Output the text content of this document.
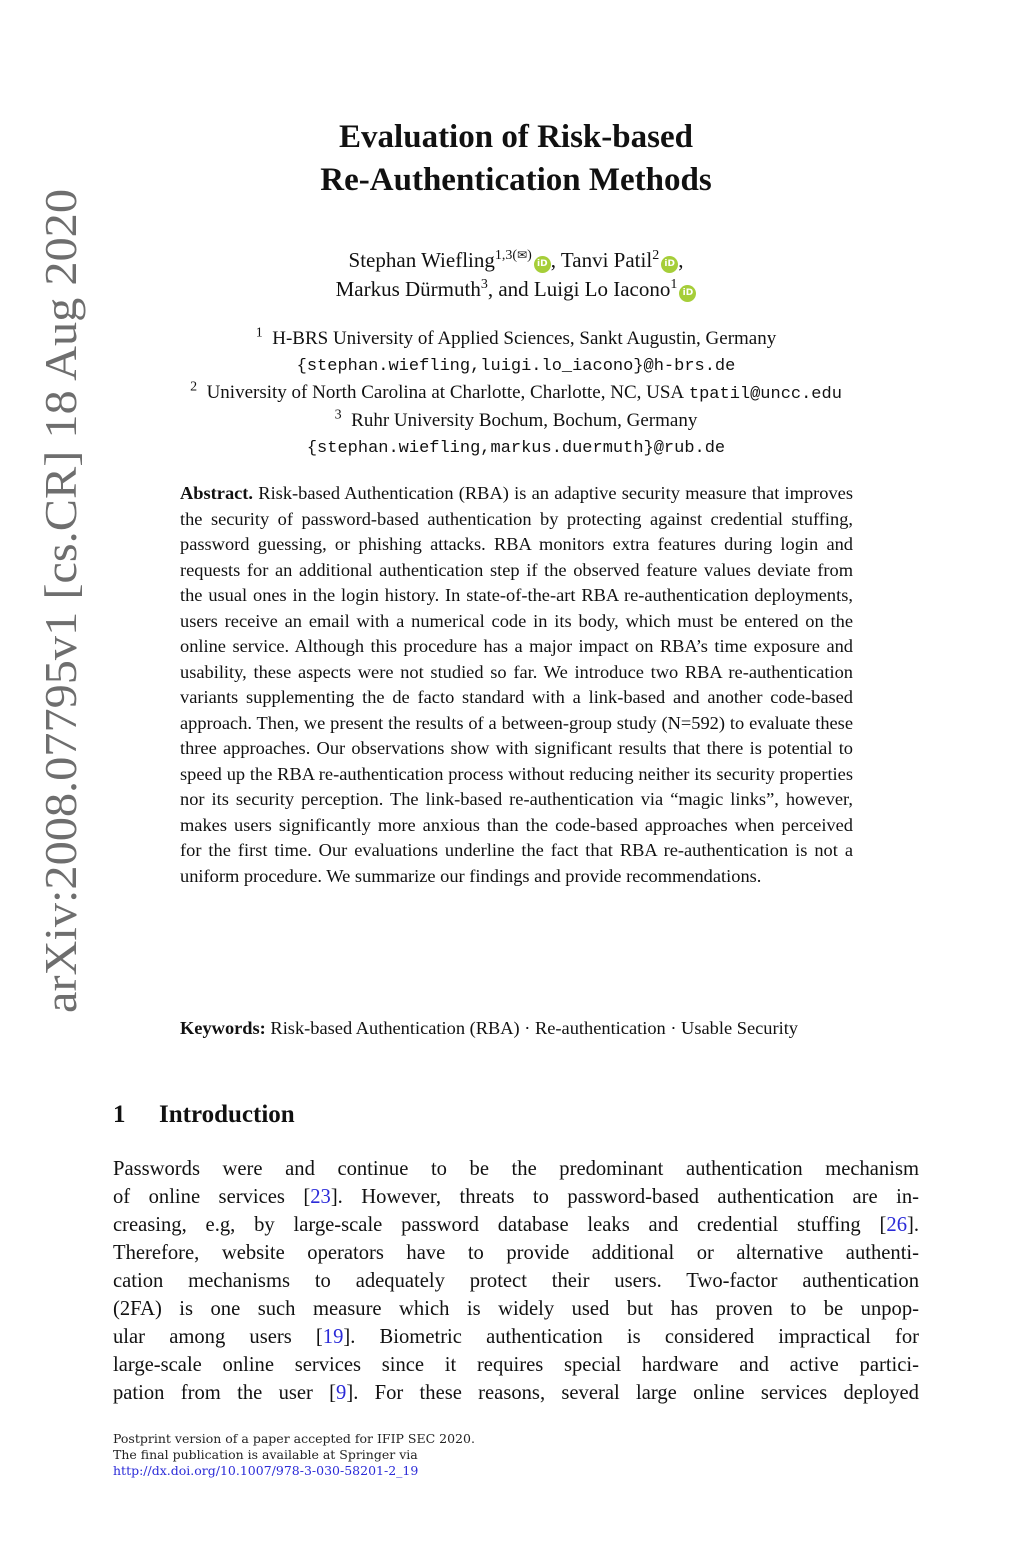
arXiv:2008.07795v1 [cs.CR] 18 Aug 2020
Evaluation of Risk-based
Re-Authentication Methods
Stephan Wiefling$^{1,3(✉)}$iD , Tanvi Patil$^2$iD ,
Markus Dürmuth$^3$, and Luigi Lo Iacono$^1$iD
$^1$ H-BRS University of Applied Sciences, Sankt Augustin, Germany
{stephan.wiefling,luigi.lo_iacono}@h-brs.de
$^2$ University of North Carolina at Charlotte, Charlotte, NC, USA tpatil@uncc.edu
$^3$ Ruhr University Bochum, Bochum, Germany
{stephan.wiefling,markus.duermuth}@rub.de
Abstract. Risk-based Authentication (RBA) is an adaptive security measure that improves the security of password-based authentication by protecting against credential stuffing, password guessing, or phishing attacks. RBA monitors extra features during login and requests for an additional authentication step if the observed feature values deviate from the usual ones in the login history. In state-of-the-art RBA re-authentication deployments, users receive an email with a numerical code in its body, which must be entered on the online service. Although this procedure has a major impact on RBA’s time exposure and usability, these aspects were not studied so far. We introduce two RBA re-authentication variants supplementing the de facto standard with a link-based and another code-based approach. Then, we present the results of a between-group study (N=592) to evaluate these three approaches. Our observations show with significant results that there is potential to speed up the RBA re-authentication process without reducing neither its security properties nor its security perception. The link-based re-authentication via “magic links”, however, makes users significantly more anxious than the code-based approaches when perceived for the first time. Our evaluations underline the fact that RBA re-authentication is not a uniform procedure. We summarize our findings and provide recommendations.
Keywords: Risk-based Authentication (RBA) · Re-authentication · Usable Security
1 Introduction
Passwords were and continue to be the predominant authentication mechanism
of online services [23]. However, threats to password-based authentication are in-
creasing, e.g, by large-scale password database leaks and credential stuffing [26].
Therefore, website operators have to provide additional or alternative authenti-
cation mechanisms to adequately protect their users. Two-factor authentication
(2FA) is one such measure which is widely used but has proven to be unpop-
ular among users [19]. Biometric authentication is considered impractical for
large-scale online services since it requires special hardware and active partici-
pation from the user [9]. For these reasons, several large online services deployed
Postprint version of a paper accepted for IFIP SEC 2020.
The final publication is available at Springer via
http://dx.doi.org/10.1007/978-3-030-58201-2_19
